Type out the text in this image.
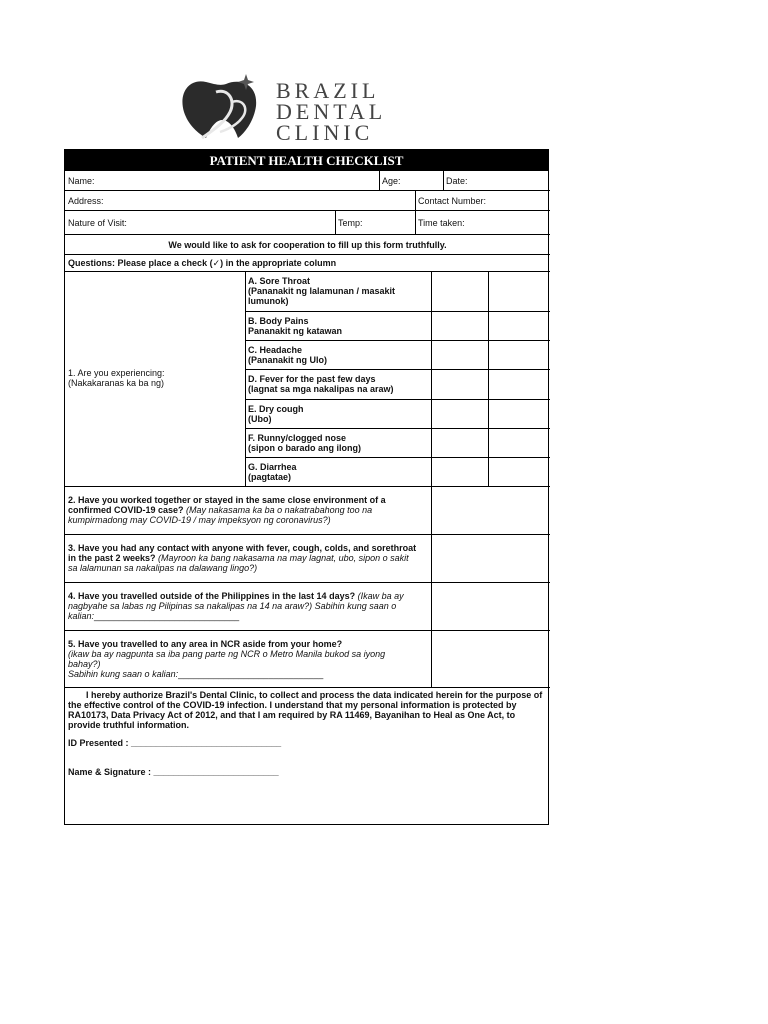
BRAZIL
DENTAL
CLINIC
PATIENT HEALTH CHECKLIST
Name:	Age:	Date:
Address:	Contact Number:
Nature of Visit:	Temp:	Time taken:
We would like to ask for cooperation to fill up this form truthfully.
Questions: Please place a check (✓) in the appropriate column
1. Are you experiencing:
(Nakakaranas ka ba ng)
A. Sore Throat
(Pananakit ng lalamunan / masakit
lumunok)
B. Body Pains
Pananakit ng katawan
C. Headache
(Pananakit ng Ulo)
D. Fever for the past few days
(lagnat sa mga nakalipas na araw)
E. Dry cough
(Ubo)
F. Runny/clogged nose
(sipon o barado ang ilong)
G. Diarrhea
(pagtatae)
2. Have you worked together or stayed in the same close environment of a confirmed COVID-19 case? (May nakasama ka ba o nakatrabahong too na kumpirmadong may COVID-19 / may impeksyon ng coronavirus?)
3. Have you had any contact with anyone with fever, cough, colds, and sorethroat in the past 2 weeks? (Mayroon ka bang nakasama na may lagnat, ubo, sipon o sakit sa lalamunan sa nakalipas na dalawang lingo?)
4. Have you travelled outside of the Philippines in the last 14 days? (Ikaw ba ay nagbyahe sa labas ng Pilipinas sa nakalipas na 14 na araw?) Sabihin kung saan o kalian:_____________________________
5. Have you travelled to any area in NCR aside from your home?
(ikaw ba ay nagpunta sa iba pang parte ng NCR o Metro Manila bukod sa iyong bahay?)
Sabihin kung saan o kalian:_____________________________
I hereby authorize Brazil's Dental Clinic, to collect and process the data indicated herein for the purpose of the effective control of the COVID-19 infection. I understand that my personal information is protected by RA10173, Data Privacy Act of 2012, and that I am required by RA 11469, Bayanihan to Heal as One Act, to provide truthful information.
ID Presented : ______________________________
Name & Signature : _________________________
